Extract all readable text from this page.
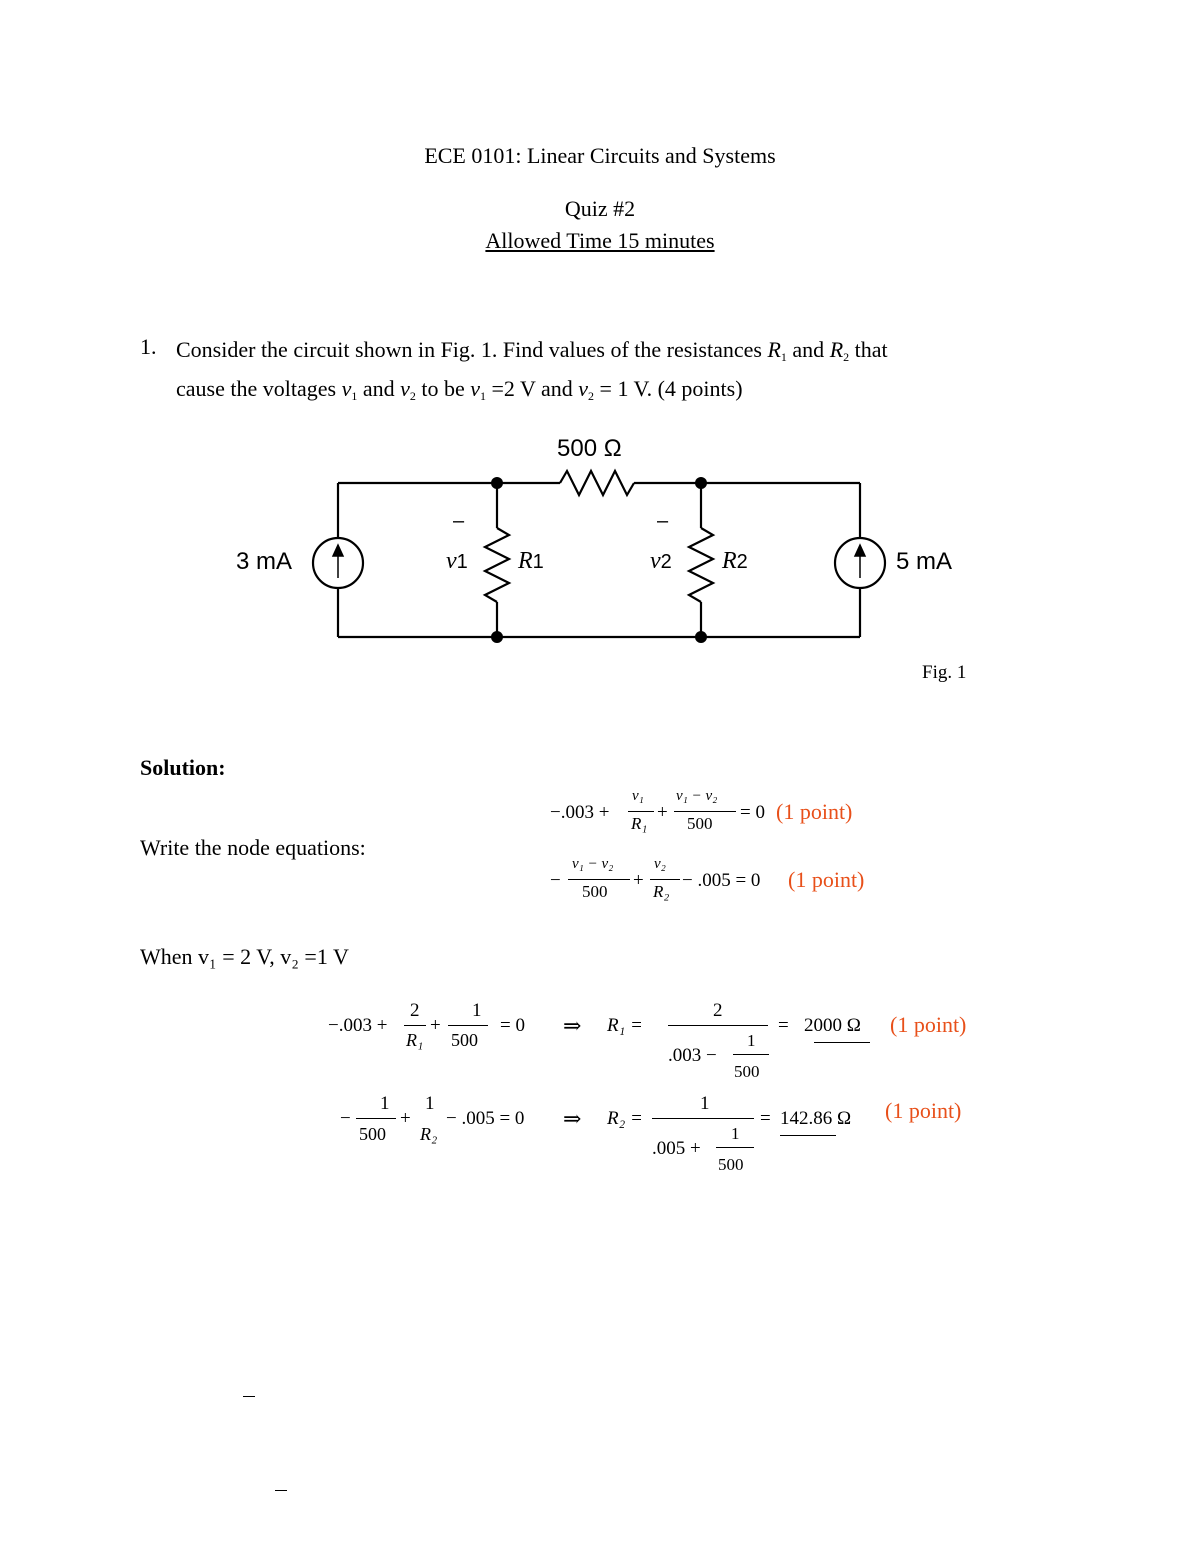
ECE 0101: Linear Circuits and Systems
Quiz #2
Allowed Time 15 minutes
1. Consider the circuit shown in Fig. 1. Find values of the resistances $R_1$ and $R_2$ that
cause the voltages $v_1$ and $v_2$ to be $v_1 =2$ V and $v_2 = 1$ V. (4 points)
500 Ω
3 mA	5 mA
–	–
v1	v2
R1	R2
Fig. 1
Solution:
Write the node equations:
−.003 +
v₁
R₁
+
v₁ − v₂
500
= 0 (1 point)
−
v₁ − v₂
500
+
v₂
R₂
− .005 = 0 (1 point)
When v₁ = 2 V, v₂ =1 V
−.003 +
2
R₁
+
1
500
= 0 ⇒ R₁ =
2
.003 −
1
500
= 2000 Ω (1 point)
−
1
500
+
1
R₂
− .005 = 0 ⇒ R₂ =
1
.005 +
1
500
= 142.86 Ω (1 point)
